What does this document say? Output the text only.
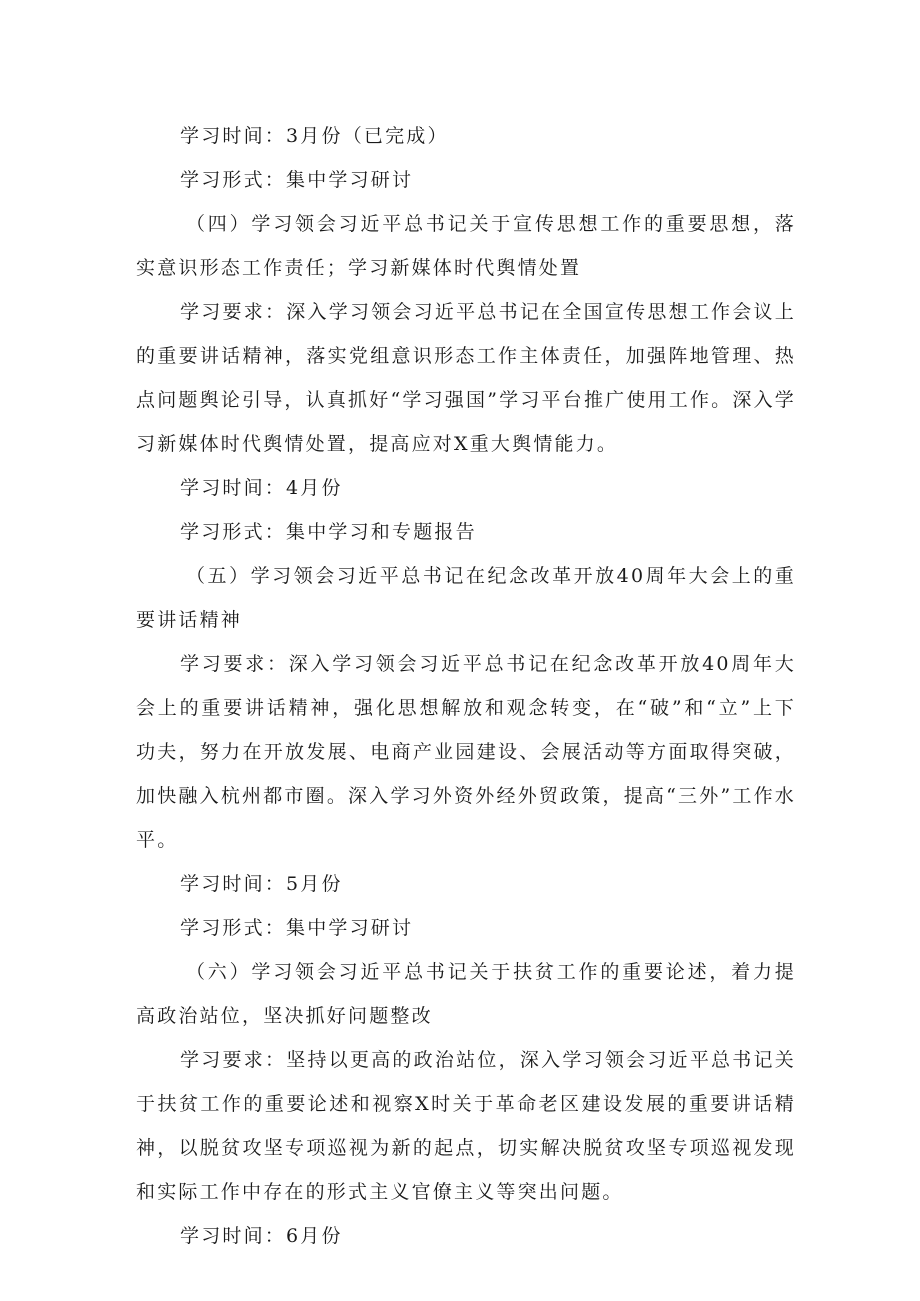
学习时间：3月份（已完成）

学习形式：集中学习研讨

（四）学习领会习近平总书记关于宣传思想工作的重要思想，落实意识形态工作责任；学习新媒体时代舆情处置

学习要求：深入学习领会习近平总书记在全国宣传思想工作会议上的重要讲话精神，落实党组意识形态工作主体责任，加强阵地管理、热点问题舆论引导，认真抓好“学习强国”学习平台推广使用工作。深入学习新媒体时代舆情处置，提高应对X重大舆情能力。

学习时间：4月份

学习形式：集中学习和专题报告

（五）学习领会习近平总书记在纪念改革开放40周年大会上的重要讲话精神

学习要求：深入学习领会习近平总书记在纪念改革开放40周年大会上的重要讲话精神，强化思想解放和观念转变，在“破”和“立”上下功夫，努力在开放发展、电商产业园建设、会展活动等方面取得突破，加快融入杭州都市圈。深入学习外资外经外贸政策，提高“三外”工作水平。

学习时间：5月份

学习形式：集中学习研讨

（六）学习领会习近平总书记关于扶贫工作的重要论述，着力提高政治站位，坚决抓好问题整改

学习要求：坚持以更高的政治站位，深入学习领会习近平总书记关于扶贫工作的重要论述和视察X时关于革命老区建设发展的重要讲话精神，以脱贫攻坚专项巡视为新的起点，切实解决脱贫攻坚专项巡视发现和实际工作中存在的形式主义官僚主义等突出问题。

学习时间：6月份
